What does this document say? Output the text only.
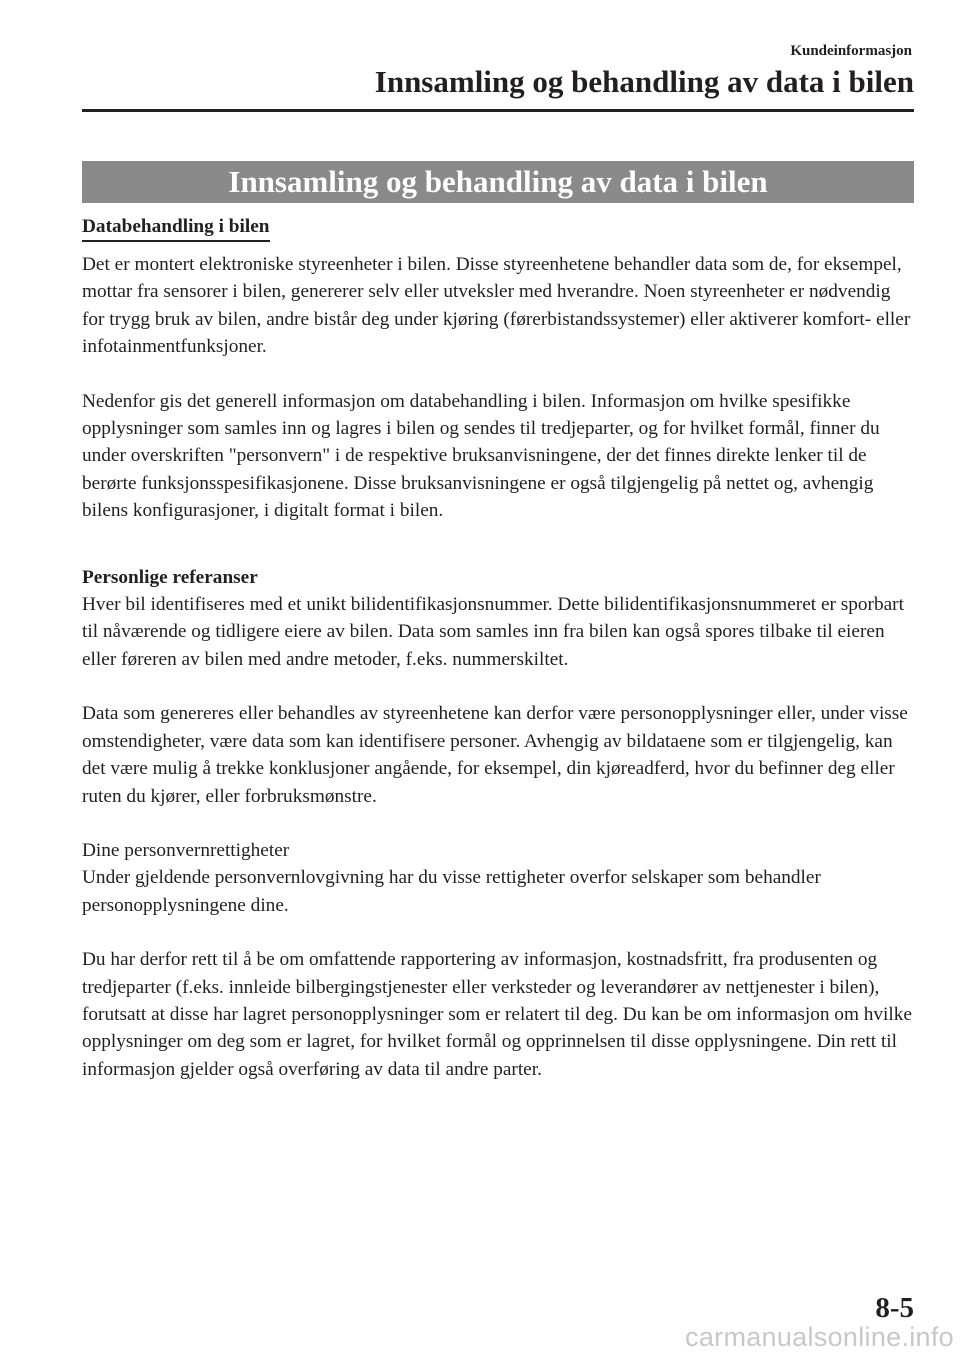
Kundeinformasjon
Innsamling og behandling av data i bilen
Innsamling og behandling av data i bilen
Databehandling i bilen

Det er montert elektroniske styreenheter i bilen. Disse styreenhetene behandler data som de, for eksempel, mottar fra sensorer i bilen, genererer selv eller utveksler med hverandre. Noen styreenheter er nødvendig for trygg bruk av bilen, andre bistår deg under kjøring (førerbistandssystemer) eller aktiverer komfort- eller infotainmentfunksjoner.

Nedenfor gis det generell informasjon om databehandling i bilen. Informasjon om hvilke spesifikke opplysninger som samles inn og lagres i bilen og sendes til tredjeparter, og for hvilket formål, finner du under overskriften "personvern" i de respektive bruksanvisningene, der det finnes direkte lenker til de berørte funksjonsspesifikasjonene. Disse bruksanvisningene er også tilgjengelig på nettet og, avhengig bilens konfigurasjoner, i digitalt format i bilen.

Personlige referanser

Hver bil identifiseres med et unikt bilidentifikasjonsnummer. Dette bilidentifikasjonsnummeret er sporbart til nåværende og tidligere eiere av bilen. Data som samles inn fra bilen kan også spores tilbake til eieren eller føreren av bilen med andre metoder, f.eks. nummerskiltet.

Data som genereres eller behandles av styreenhetene kan derfor være personopplysninger eller, under visse omstendigheter, være data som kan identifisere personer. Avhengig av bildataene som er tilgjengelig, kan det være mulig å trekke konklusjoner angående, for eksempel, din kjøreadferd, hvor du befinner deg eller ruten du kjører, eller forbruksmønstre.

Dine personvernrettigheter

Under gjeldende personvernlovgivning har du visse rettigheter overfor selskaper som behandler personopplysningene dine.

Du har derfor rett til å be om omfattende rapportering av informasjon, kostnadsfritt, fra produsenten og tredjeparter (f.eks. innleide bilbergingstjenester eller verksteder og leverandører av nettjenester i bilen), forutsatt at disse har lagret personopplysninger som er relatert til deg. Du kan be om informasjon om hvilke opplysninger om deg som er lagret, for hvilket formål og opprinnelsen til disse opplysningene. Din rett til informasjon gjelder også overføring av data til andre parter.

8-5
carmanualsonline.info
